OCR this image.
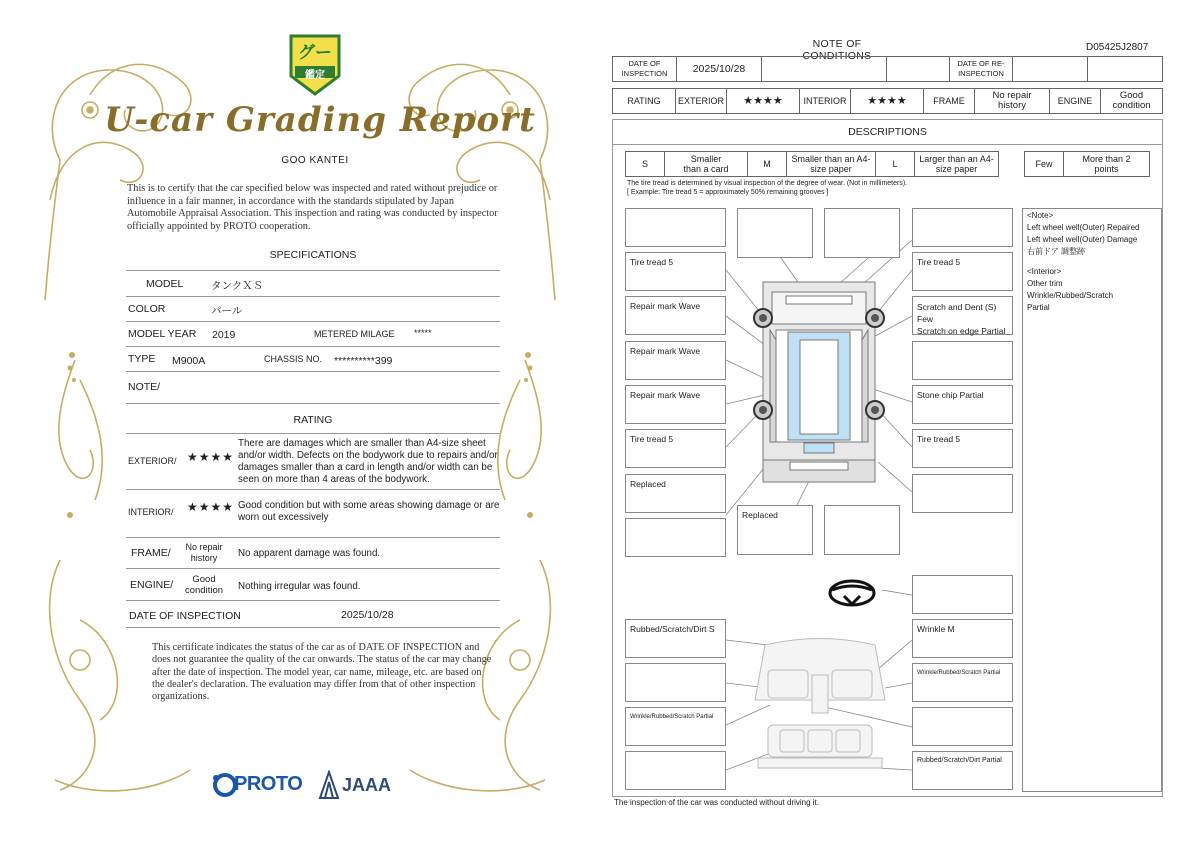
グー
鑑定
U-car Grading Report
GOO KANTEI
This is to certify that the car specified below was inspected and rated without prejudice or influence in a fair manner, in accordance with the standards stipulated by Japan Automobile Appraisal Association. This inspection and rating was conducted by inspector officially appointed by PROTO cooperation.
SPECIFICATIONS
MODEL	タンクＸＳ
COLOR	パール
MODEL YEAR 2019	METERED MILAGE *****
TYPE M900A	CHASSIS NO. **********399
NOTE/
RATING
EXTERIOR/ ★★★★
There are damages which are smaller than A4-size sheet and/or width. Defects on the bodywork due to repairs and/or damages smaller than a card in length and/or width can be seen on more than 4 areas of the bodywork.
INTERIOR/ ★★★★ Good condition but with some areas showing damage or are worn out excessively
FRAME/	No repair history	No apparent damage was found.
ENGINE/	Good condition	Nothing irregular was found.
DATE OF INSPECTION	2025/10/28
This certificate indicates the status of the car as of DATE OF INSPECTION and does not guarantee the quality of the car onwards. The status of the car may change after the date of inspection. The model year, car name, mileage, etc. are based on the dealer's declaration. The evaluation may differ from that of other inspection organizations.
PROTO JAAA
NOTE OF CONDITIONS
D05425J2807
DATE OF INSPECTION	2025/10/28	DATE OF RE-INSPECTION
RATING	EXTERIOR	★★★★	INTERIOR	★★★★	FRAME	No repair history	ENGINE	Good condition
DESCRIPTIONS
S	Smaller than a card	M	Smaller than an A4-size paper	L	Larger than an A4-size paper	Few	More than 2 points
The tire tread is determined by visual inspection of the degree of wear. (Not in millimeters).
[ Example: Tire tread 5 = approximately 50% remaining grooves ]
Tire tread 5
Repair mark Wave
Repair mark Wave
Repair mark Wave
Tire tread 5
Replaced
Replaced
Tire tread 5
Scratch and Dent (S) Few
Scratch on edge Partial
Stone chip Partial
Tire tread 5
Rubbed/Scratch/Dirt S
Wrinkle/Rubbed/Scratch Partial
Wrinkle M
Wrinkle/Rubbed/Scratch Partial
Rubbed/Scratch/Dirt Partial
<Note>
Left wheel well(Outer) Repaired
Left wheel well(Outer) Damage
右前ドア 調整跡
<Interior>
Other trim
Wrinkle/Rubbed/Scratch
Partial
The inspection of the car was conducted without driving it.
